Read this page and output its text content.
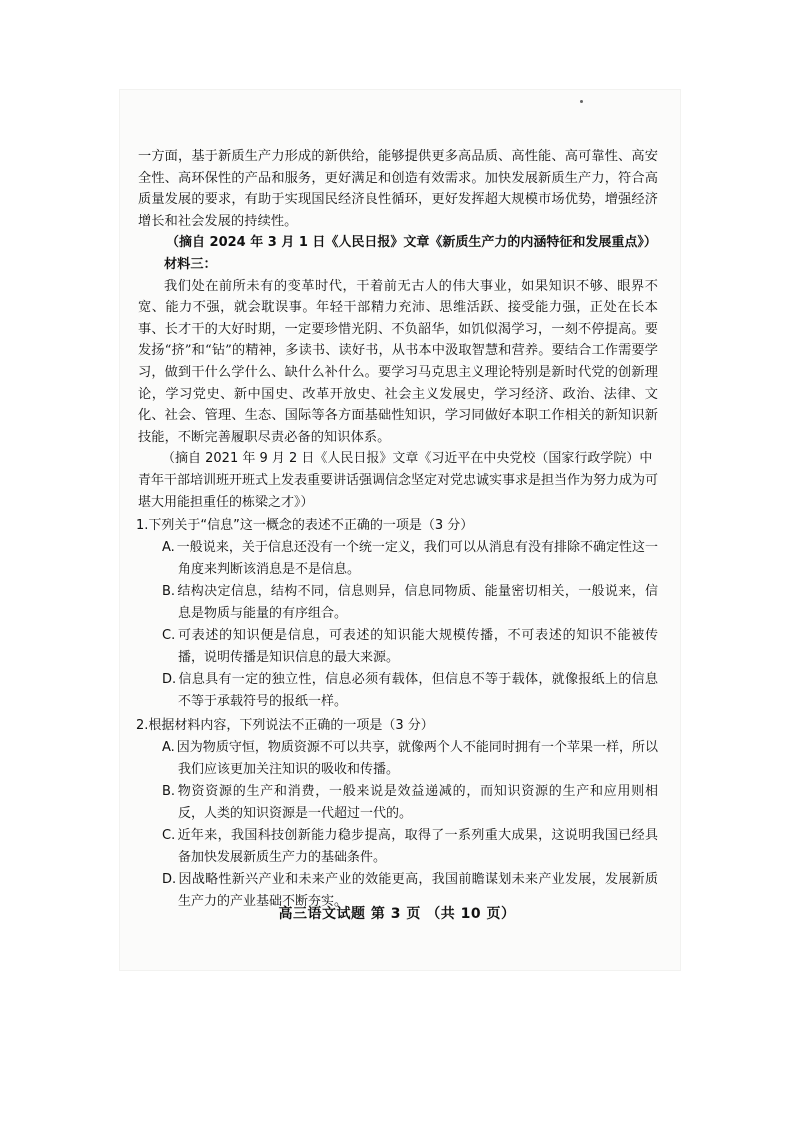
一方面，基于新质生产力形成的新供给，能够提供更多高品质、高性能、高可靠性、高安全性、高环保性的产品和服务，更好满足和创造有效需求。加快发展新质生产力，符合高质量发展的要求，有助于实现国民经济良性循环，更好发挥超大规模市场优势，增强经济增长和社会发展的持续性。

（摘自 2024 年 3 月 1 日《人民日报》文章《新质生产力的内涵特征和发展重点》）

材料三：

我们处在前所未有的变革时代，干着前无古人的伟大事业，如果知识不够、眼界不宽、能力不强，就会耽误事。年轻干部精力充沛、思维活跃、接受能力强，正处在长本事、长才干的大好时期，一定要珍惜光阴、不负韶华，如饥似渴学习，一刻不停提高。要发扬“挤”和“钻”的精神，多读书、读好书，从书本中汲取智慧和营养。要结合工作需要学习，做到干什么学什么、缺什么补什么。要学习马克思主义理论特别是新时代党的创新理论，学习党史、新中国史、改革开放史、社会主义发展史，学习经济、政治、法律、文化、社会、管理、生态、国际等各方面基础性知识，学习同做好本职工作相关的新知识新技能，不断完善履职尽责必备的知识体系。

（摘自 2021 年 9 月 2 日《人民日报》文章《习近平在中央党校（国家行政学院）中青年干部培训班开班式上发表重要讲话强调信念坚定对党忠诚实事求是担当作为努力成为可堪大用能担重任的栋梁之才》）

1.下列关于“信息”这一概念的表述不正确的一项是（3 分）

A. 一般说来，关于信息还没有一个统一定义，我们可以从消息有没有排除不确定性这一角度来判断该消息是不是信息。

B. 结构决定信息，结构不同，信息则异，信息同物质、能量密切相关，一般说来，信息是物质与能量的有序组合。

C. 可表述的知识便是信息，可表述的知识能大规模传播，不可表述的知识不能被传播，说明传播是知识信息的最大来源。

D. 信息具有一定的独立性，信息必须有载体，但信息不等于载体，就像报纸上的信息不等于承载符号的报纸一样。

2.根据材料内容，下列说法不正确的一项是（3 分）

A. 因为物质守恒，物质资源不可以共享，就像两个人不能同时拥有一个苹果一样，所以我们应该更加关注知识的吸收和传播。

B. 物资资源的生产和消费，一般来说是效益递减的，而知识资源的生产和应用则相反，人类的知识资源是一代超过一代的。

C. 近年来，我国科技创新能力稳步提高，取得了一系列重大成果，这说明我国已经具备加快发展新质生产力的基础条件。

D. 因战略性新兴产业和未来产业的效能更高，我国前瞻谋划未来产业发展，发展新质生产力的产业基础不断夯实。

高三语文试题 第 3 页 （共 10 页）
